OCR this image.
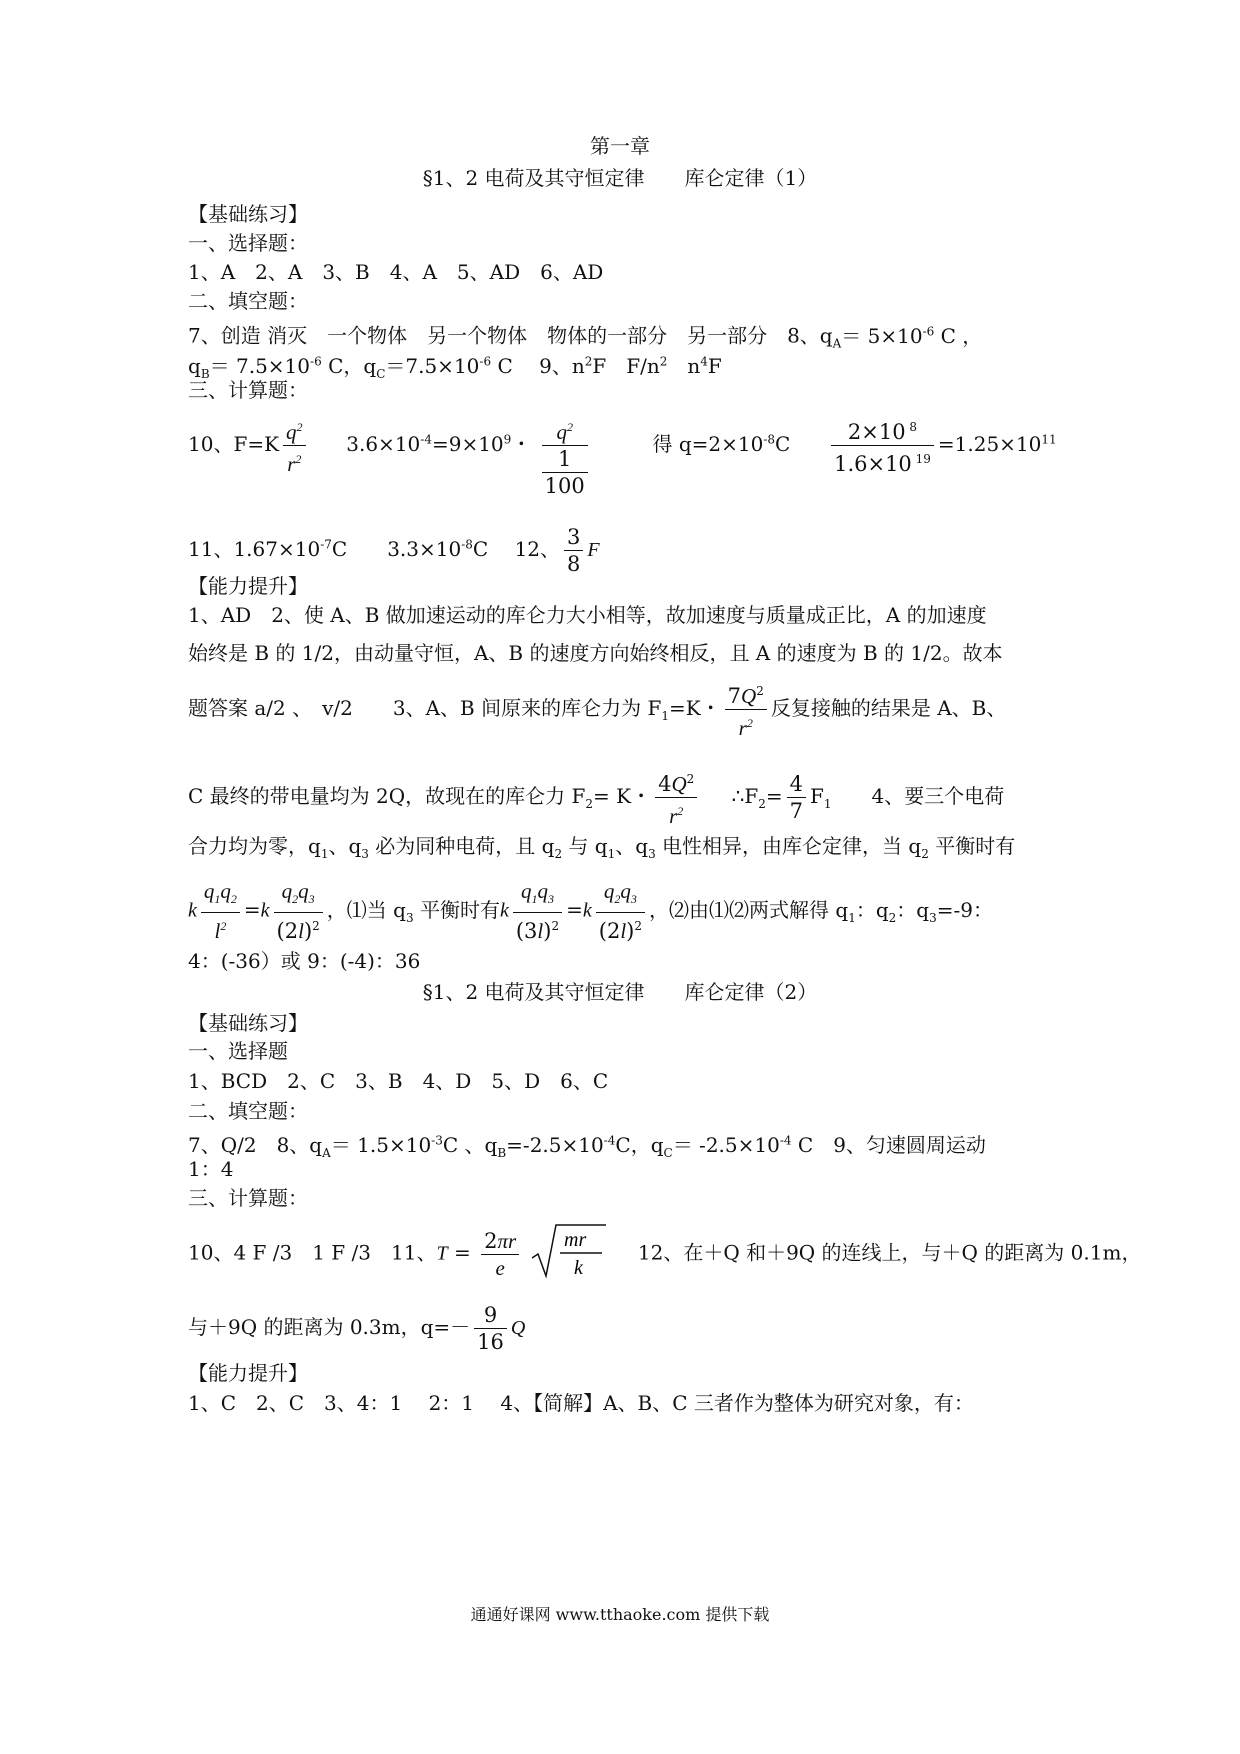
第一章
§1、2 电荷及其守恒定律　　库仑定律（1）
【基础练习】
一、选择题：
1、A　2、A　3、B　4、A　5、AD　6、AD
二、填空题：
7、创造 消灭　一个物体　另一个物体　物体的一部分　另一部分　8、$q_A= 5\times 10^{-6}$ C ，
$q_B= 7.5\times 10^{-6}$ C，$q_C=7.5\times 10^{-6}$ C　 9、$n^2F$　$F/n^2$　$n^4F$
三、计算题：
10、$F=K \frac{q^2}{r^2} 3.6\times 10^{-4}=9\times 10^9$・	$q^2$
1
100
得 $q=2\times 10^{-8}C \frac{2\times 10 ^8}{1.6\times 10 ^{19}} =1.25\times 10^{11}$
11、$1.67\times 10^{-7}C$　　$3.3\times 10^{-8}C$　 12、 $\frac{3}{8}$ F
【能力提升】
1、AD　2、使 A、B 做加速运动的库仑力大小相等，故加速度与质量成正比，A 的加速度
始终是 B 的 1/2，由动量守恒，A、B 的速度方向始终相反，且 A 的速度为 B 的 1/2。故本
题答案 a/2 、　v/2　　3、A、B 间原来的库仑力为 $F_1=K$・ $\frac{7Q^2}{r^2}$ 反复接触的结果是 A、B、
C 最终的带电量均为 2Q，故现在的库仑力 $F_2= K$・ $\frac{4Q^2}{r^2}$ $\therefore F_2= \frac{4}{7} F_1$　　4、要三个电荷
合力均为零，$q_1$、$q_3$ 必为同种电荷，且 $q_2$ 与 $q_1$、$q_3$ 电性相异，由库仑定律，当 $q_2$ 平衡时有
k $\frac{q_1q_2}{l^2} =k \frac{q_2q_3}{(2l)^2}$ ，⑴当 $q_3$ 平衡时有k $\frac{q_1q_3}{(3l)^2} =k \frac{q_2q_3}{(2l)^2}$ ，⑵由⑴⑵两式解得 $q_1$：$q_2$：$q_3=-9$：
4：(-36）或 9：(-4)：36
§1、2 电荷及其守恒定律　　库仑定律（2）
【基础练习】
一、选择题
1、BCD　2、C　3、B　4、D　5、D　6、C
二、填空题：
7、Q/2　8、$q_A= 1.5\times 10^{-3}C$ 、$q_B=-2.5\times 10^{-4}C$，$q_C= -2.5\times 10^{-4}$ C　9、匀速圆周运动
1：4
三、计算题：
10、4 F /3　1 F /3　11、$T = \frac{2\pi r}{e}$
mr
k
12、在＋Q 和＋9Q 的连线上，与＋Q 的距离为 0.1m，
与＋9Q 的距离为 0.3m，$q=- \frac{9}{16}$ Q
【能力提升】
1、C　2、C　3、4：1　 2：1　 4、【简解】A、B、C 三者作为整体为研究对象，有：
通通好课网 www.tthaoke.com 提供下载
